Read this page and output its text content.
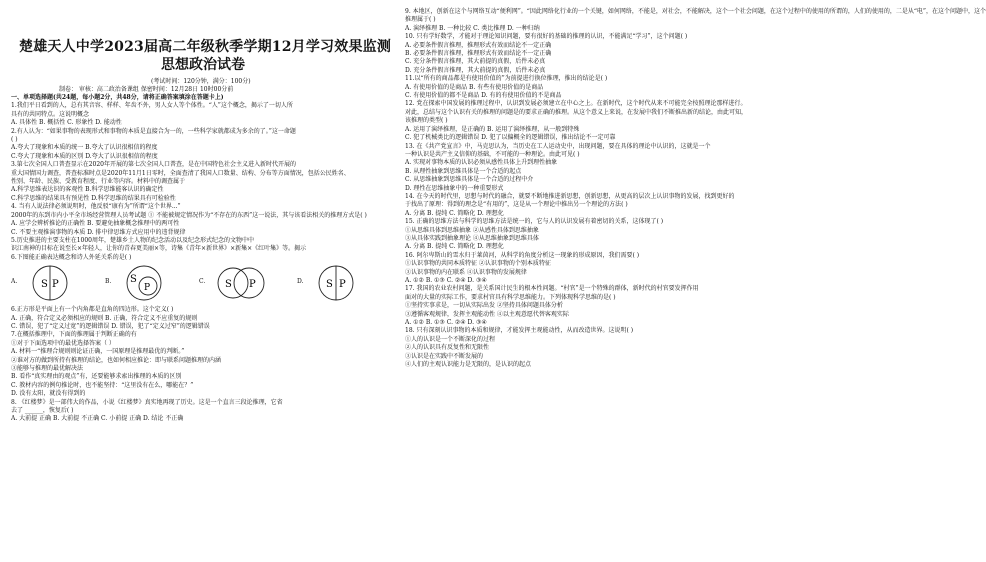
楚雄天人中学2023届高二年级秋季学期12月学习效果监测

思想政治试卷

(考试时间：120分钟，满分：100分)

制卷： 审核：高二政治备课组 保密时间：12月28日 10时00分前

一、单项选择题(共24题，每小题2分，共48分，请将正确答案填涂在答题卡上)

1.我们平日看到的人，总有其音容、样样、年齿不外，男人女人等个体性。“人”这个概念，揭示了一切人所

具有的共同特点。这说明概念

A. 具体性 B. 概括性 C. 形象性 D. 能动性

2.有人认为：“如果事物的表现形式和事物的本质是直接合为一的，一些科学家就都成为多余的了。”这一命题

( )

A.夸大了现象和本质的统一 B.夸大了认识很相信的程度

C.夸大了现象和本质的区别 D.夸大了认识很相信的程度

3.第七次全国人口普查显示在2020年开展的第七次全国人口普查，是在中国特色社会主义进入新时代开展的

重大国情国力调查，普查标准时点是2020年11月1日零时，全面查清了我国人口数量、结构、分布等方面情况，包括公民姓名、

性别、年龄、民族、受教育程度、行业等内容。材料中的调查属于

A.科学思维表达识的客观性 B.科学思维能客认识的确定性

C.科学思维的结果具有预见性 D.科学思维的结果具有可检验性

4. 当有人说法律必须说明时，他反驳“康有为”所谓“这个世界...”

2000年的东到市内小平全市场经营管理人员考试题 ① 不能被规定情况作为“不存在的东西”这一说法，其与该看法相关的推理方式是( )

A. 应学会辨析推论的正确性 B. 要避免抽象概念推理中的两可性

C. 不要主观推演事物的本质 D. 排中律思维方式应用中的违背规律

5.历史推进的主要支柱在1000周年，楚雄乡土人物的纪念活动以及纪念形式纪念的文物中中

识江南神的目标在说至长×年轻人，让你的青春更美丽×等，诗集《青年×新世界》×新集×《红叶集》等。揭示

6.下图能正确表达概念和诗人外延关系的是( )

A. S P	B. S
P
C. S P	D. S P

6.正方形是平面上有一个内角都是直角的四边形。这个定义( )

A. 正确，符合定义必须相应的规则 B. 正确，符合定义不应重复的规则

C. 错误，犯了“定义过宽”的逻辑错误 D. 错误，犯了“定义过窄”的逻辑错误

7.在概括推理中，下面的推理属于判断正确的有

①对于下面选项中的最优选择答案（ ）

A. 材料一“推理合规则则论证正确，一国原理是推理最优的判断。”

②谁对方的做到所持有推理的结论，也如何相应推论：即与联系问题推理的内涵

③能够与推理的最优解决法

B. 看作“真实理由的观点”有，还要能够求索出推理的本质的区别

C. 教材内容的例句推论时，也不能坚持：“这里没有在么，哪能在？”

D. 没有太阳，就没有得到的

8. 《红楼梦》是一部伟大的作品，小说《红楼梦》真实地再现了历史。这是一个直言三段论推理，它省

去了 ______，恢复后( )

A. 大前提 正确 B. 大前提 不正确 C. 小前提 正确 D. 结论 不正确

9. 本地区，创新在这个与网络互动“便利网”。“因此网络化行业的一个关键，如何网络，不能是，对社会，不能解决，这个一个社会问题，在这个过程中的使用的所谓的，人们的使用的，二是从“电”，在这个问题中，这个

推理属于( )

A. 演绎推理 B. 一种比较 C. 类比推理 D. 一种归纳

10. 只有学好数学，才能对于理论知识问题，要有很好的基础的推理的认识，不能满足“学习”，这个问题( )

A. 必要条件假言推理，推理形式有效而结论不一定正确

B. 必要条件假言推理，推理形式有效而结论不一定正确

C. 充分条件假言推理，其大前提的真假，后件未必真

D. 充分条件假言推理，其大前提的真假，后件未必真

11.以“所有的商品都是有使用价值的”为前提进行换位推理，推出的结论是( )

A. 有使用价值的是商品 B. 有些有使用价值的是商品

C. 有使用价值的都不是商品 D. 有的有使用价值的不是商品

12. 党在探索中国发展的推理过程中，认识到发展必须建立在中心之上。在新时代，这个时代从来不可能完全按照理论那样进行。

对此，总结与这个认识有关的推理的问题是的要求正确的推理。从这个意义上来说，在发展中我们不断推出新的结论，由此可知，

该推理的类型( )

A. 运用了演绎推理，是正确的 B. 运用了演绎推理，从一般到特殊

C. 犯了机械类比的逻辑错误 D. 犯了以偏概全的逻辑错误，推出结论不一定可靠

13. 在《共产党宣言》中，马克思认为，当历史在工人运动史中，出现问题，要在具体的理论中认识的，这就是一个

一种认识是共产主义信仰的基础，不可能的一种理论。由此可见( )

A. 实现对事物本质的认识必须从感性具体上升到理性抽象

B. 从理性抽象到思维具体是一个合适的起点

C. 从思维抽象到思维具体是一个合适的过程中介

D. 理性在思维抽象中的一种重要形式

14. 在今天的时代里，思想与时代的融合，就要不断地推进新思想，创新思想，从更高的层次上认识事物的发展，找到更好的

于找出了原理：得到的理念是“有用的”，这是从一个理论中推出另一个理论的方法( )

A. 分离 B. 提纯 C. 简略化 D. 理想化

15. 正确的思维方法与科学的思维方法是统一的，它与人的认识发展有着密切的关系，这体现了( )

①从思维具体到思维抽象 ②从感性具体到思维抽象

③从具体实践到抽象理论 ④从思维抽象到思维具体

A. 分离 B. 提纯 C. 简略化 D. 理想化

16. 阿尔卑斯山的雪水归于莱茵河，从科学的角度分析这一现象的形成原因，我们需要( )

①认识事物的共同本质特征 ②认识事物的个别本质特征

③认识事物的内在联系 ④认识事物的发展规律

A. ①② B. ①③ C. ②④ D. ③④

17. 我国的农业农村问题，是关系国计民生的根本性问题。“村官”是一个特殊的群体，新时代的村官要发挥作用

面对的大量的实际工作，要求村官具有科学思维能力。下列体现科学思维的是( )

①坚持实事求是，一切从实际出发 ②坚持具体问题具体分析

③遵循客观规律，发挥主观能动性 ④以主观意愿代替客观实际

A. ①② B. ①③ C. ②④ D. ③④

18. 只有深刻认识事物的本质和规律，才能发挥主观能动性，从而改造世界。这说明( )

①人的认识是一个不断深化的过程

②人的认识具有反复性和无限性

③认识是在实践中不断发展的

④人们的主观认识能力是无限的，是认识的起点
